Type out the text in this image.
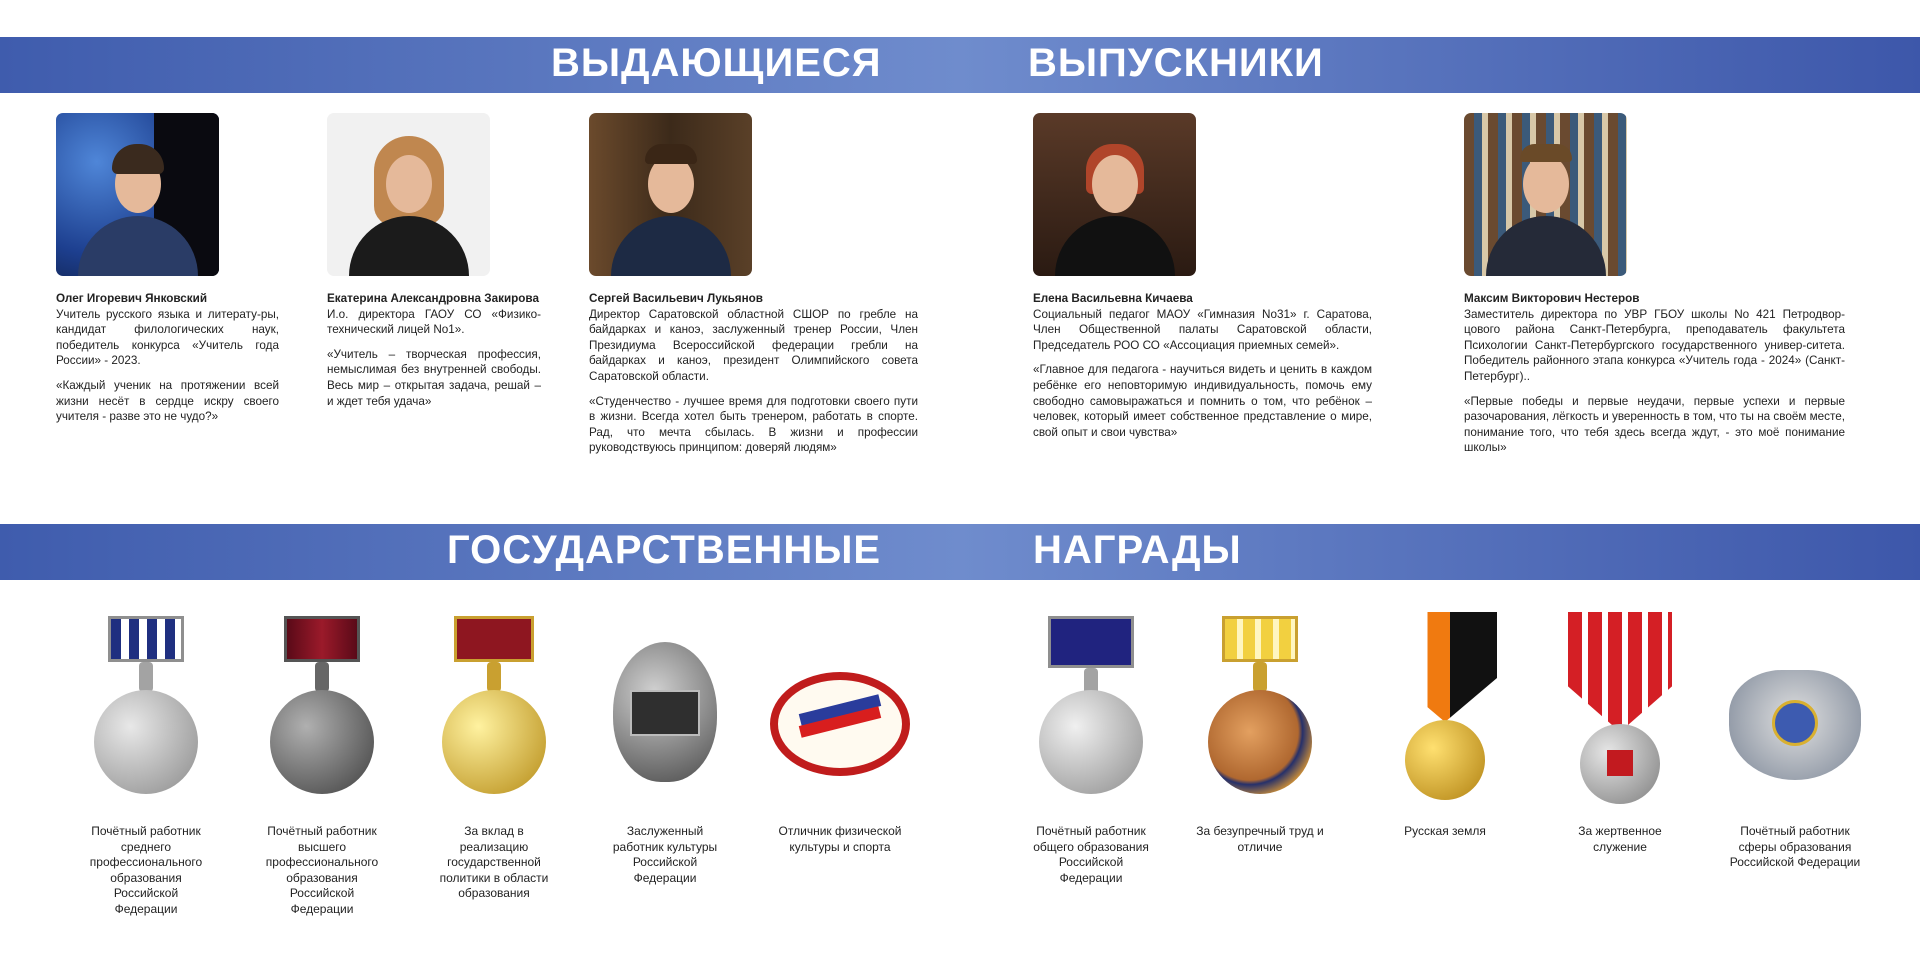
ВЫДАЮЩИЕСЯ	ВЫПУСКНИКИ
Олег Игоревич Янковский
Учитель русского языка и литерату-ры, кандидат филологических наук, победитель конкурса «Учитель года России» - 2023.
«Каждый ученик на протяжении всей жизни несёт в сердце искру своего учителя - разве это не чудо?»
Екатерина Александровна Закирова
И.о. директора ГАОУ СО «Физико-технический лицей No1».
«Учитель – творческая профессия, немыслимая без внутренней свободы. Весь мир – открытая задача, решай – и ждет тебя удача»
Сергей Васильевич Лукьянов
Директор Саратовской областной СШОР по гребле на байдарках и каноэ, заслуженный тренер России, Член Президиума Всероссийской федерации гребли на байдарках и каноэ, президент Олимпийского совета Саратовской области.
«Студенчество - лучшее время для подготовки своего пути в жизни. Всегда хотел быть тренером, работать в спорте. Рад, что мечта сбылась. В жизни и профессии руководствуюсь принципом: доверяй людям»
Елена Васильевна Кичаева
Социальный педагог МАОУ «Гимназия No31» г. Саратова, Член Общественной палаты Саратовской области, Председатель РОО СО «Ассоциация приемных семей».
«Главное для педагога - научиться видеть и ценить в каждом ребёнке его неповторимую индивидуальность, помочь ему свободно самовыражаться и помнить о том, что ребёнок – человек, который имеет собственное представление о мире, свой опыт и свои чувства»
Максим Викторович Нестеров
Заместитель директора по УВР ГБОУ школы No 421 Петродвор-цового района Санкт-Петербурга, преподаватель факультета Психологии Санкт-Петербургского государственного универ-ситета. Победитель районного этапа конкурса «Учитель года - 2024» (Санкт-Петербург)..
«Первые победы и первые неудачи, первые успехи и первые разочарования, лёгкость и уверенность в том, что ты на своём месте, понимание того, что тебя здесь всегда ждут, - это моё понимание школы»
ГОСУДАРСТВЕННЫЕ	НАГРАДЫ
Почётный работник среднего профессионального образования Российской Федерации
Почётный работник высшего профессионального образования Российской Федерации
За вклад в реализацию государственной политики в области образования
Заслуженный работник культуры Российской Федерации
Отличник физической культуры и спорта
Почётный работник общего образования Российской Федерации
За безупречный труд и отличие
Русская земля	За жертвенное служение
Почётный работник сферы образования Российской Федерации
